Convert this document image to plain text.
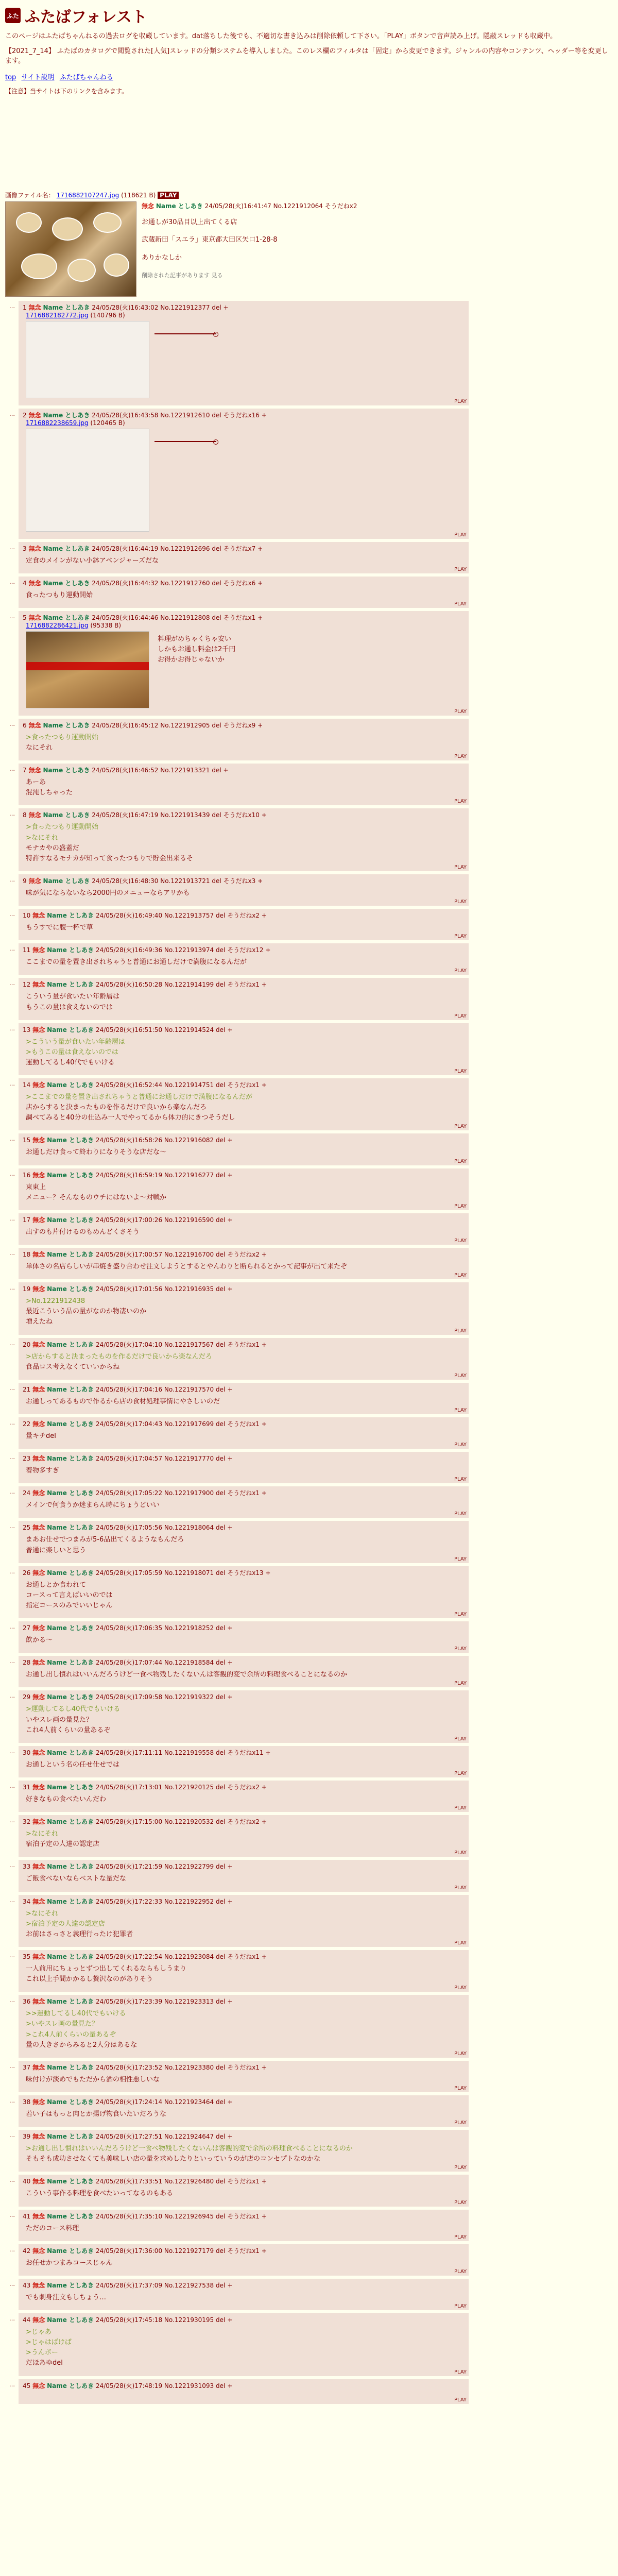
ふた ふたばフォレスト

このページはふたばちゃんねるの過去ログを収蔵しています。dat落ちした後でも、不適切な書き込みは削除依頼して下さい。「PLAY」ボタンで音声読み上げ。隠蔽スレッドも収蔵中。

【2021_7_14】 ふたばのカタログで閲覧された[人気]スレッドの分類システムを導入しました。このレス欄のフィルタは「固定」から変更できます。ジャンルの内容やコンテンツ、ヘッダー等を変更します。

top サイト説明 ふたばちゃんねる
【注意】当サイトは下のリンクを含みます。
画像ファイル名： 1716882107247.jpg (118621 B) PLAY
無念 Name としあき 24/05/28(火)16:41:47 No.1221912064 そうだねx2

お通しが30品目以上出てくる店

武蔵新田「スエラ」東京都大田区矢口1-28-8

ありかなしか

削除された記事があります 見る
… 1 無念 Name としあき 24/05/28(火)16:43:02 No.1221912377 del +
1716882182772.jpg (140796 B)
PLAY
… 2 無念 Name としあき 24/05/28(火)16:43:58 No.1221912610 del そうだねx16 +
1716882238659.jpg (120465 B)
PLAY
… 3 無念 Name としあき 24/05/28(火)16:44:19 No.1221912696 del そうだねx7 +
定食のメインがない小鉢アベンジャーズだな
PLAY
… 4 無念 Name としあき 24/05/28(火)16:44:32 No.1221912760 del そうだねx6 +
食ったつもり運動開始
PLAY
… 5 無念 Name としあき 24/05/28(火)16:44:46 No.1221912808 del そうだねx1 +
1716882286421.jpg (95338 B)
料理がめちゃくちゃ安い
しかもお通し料金は2千円
お得かお得じゃないか
PLAY
… 6 無念 Name としあき 24/05/28(火)16:45:12 No.1221912905 del そうだねx9 +
>食ったつもり運動開始
なにそれ
PLAY
… 7 無念 Name としあき 24/05/28(火)16:46:52 No.1221913321 del +
あーあ
混沌しちゃった
PLAY
… 8 無念 Name としあき 24/05/28(火)16:47:19 No.1221913439 del そうだねx10 +
>食ったつもり運動開始
>なにそれ
モナカやの盛蓋だ
特許すなるモナカが知って食ったつもりで貯金出来るそ
PLAY
… 9 無念 Name としあき 24/05/28(火)16:48:30 No.1221913721 del そうだねx3 +
味が気にならないなら2000円のメニューならアリかも
PLAY
… 10 無念 Name としあき 24/05/28(火)16:49:40 No.1221913757 del そうだねx2 +
もうすでに腹一杯で草
PLAY
… 11 無念 Name としあき 24/05/28(火)16:49:36 No.1221913974 del そうだねx12 +
ここまでの量を置き出されちゃうと普通にお通しだけで満腹になるんだが
PLAY
… 12 無念 Name としあき 24/05/28(火)16:50:28 No.1221914199 del そうだねx1 +
こういう量が食いたい年齢層は
もうこの量は食えないのでは
PLAY
… 13 無念 Name としあき 24/05/28(火)16:51:50 No.1221914524 del +
>こういう量が食いたい年齢層は
>もうこの量は食えないのでは
運動してるし40代でもいける
PLAY
… 14 無念 Name としあき 24/05/28(火)16:52:44 No.1221914751 del そうだねx1 +
>ここまでの量を置き出されちゃうと普通にお通しだけで満腹になるんだが
店からすると決まったものを作るだけで良いから楽なんだろ
調べてみると40分の仕込み一人でやってるから体力的にきつそうだし
PLAY
… 15 無念 Name としあき 24/05/28(火)16:58:26 No.1221916082 del +
お通しだけ食って終わりになりそうな店だな～
PLAY
… 16 無念 Name としあき 24/05/28(火)16:59:19 No.1221916277 del +
東東上
メニュー？そんなものウチにはないよ～対戦か
PLAY
… 17 無念 Name としあき 24/05/28(火)17:00:26 No.1221916590 del +
出すのも片付けるのもめんどくさそう
PLAY
… 18 無念 Name としあき 24/05/28(火)17:00:57 No.1221916700 del そうだねx2 +
単体さの名店らしいが串焼き盛り合わせ注文しようとするとやんわりと断られるとかって記事が出て来たぞ
PLAY
… 19 無念 Name としあき 24/05/28(火)17:01:56 No.1221916935 del +
>No.1221912438
最近こういう品の量がなのか物凄いのか
増えたね
PLAY
… 20 無念 Name としあき 24/05/28(火)17:04:10 No.1221917567 del そうだねx1 +
>店からすると決まったものを作るだけで良いから楽なんだろ
食品ロス考えなくていいからね
PLAY
… 21 無念 Name としあき 24/05/28(火)17:04:16 No.1221917570 del +
お通しってあるもので作るから店の食材処理事情にやさしいのだ
PLAY
… 22 無念 Name としあき 24/05/28(火)17:04:43 No.1221917699 del そうだねx1 +
量キチdel
PLAY
… 23 無念 Name としあき 24/05/28(火)17:04:57 No.1221917770 del +
着物多すぎ
PLAY
… 24 無念 Name としあき 24/05/28(火)17:05:22 No.1221917900 del そうだねx1 +
メインで何食うか迷まらん時にちょうどいい
PLAY
… 25 無念 Name としあき 24/05/28(火)17:05:56 No.1221918064 del +
まあお仕せでつまみが5-6品出てくるようなもんだろ
普通に楽しいと思う
PLAY
… 26 無念 Name としあき 24/05/28(火)17:05:59 No.1221918071 del そうだねx13 +
お通しとか食われて
コースって言えばいいのでは
指定コースのみでいいじゃん
PLAY
… 27 無念 Name としあき 24/05/28(火)17:06:35 No.1221918252 del +
飲かる～
PLAY
… 28 無念 Name としあき 24/05/28(火)17:07:44 No.1221918584 del +
お通し出し慣れはいいんだろうけど一食べ物残したくないんは客観的変で余所の料理食べることになるのか
PLAY
… 29 無念 Name としあき 24/05/28(火)17:09:58 No.1221919322 del +
>運動してるし40代でもいける
いやスレ画の量見た？
これ4人前くらいの量あるぞ
PLAY
… 30 無念 Name としあき 24/05/28(火)17:11:11 No.1221919558 del そうだねx11 +
お通しという名の任せ仕せでは
PLAY
… 31 無念 Name としあき 24/05/28(火)17:13:01 No.1221920125 del そうだねx2 +
好きなもの食べたいんだわ
PLAY
… 32 無念 Name としあき 24/05/28(火)17:15:00 No.1221920532 del そうだねx2 +
>なにそれ
宿泊予定の人達の認定店
PLAY
… 33 無念 Name としあき 24/05/28(火)17:21:59 No.1221922799 del +
ご飯食べないならベストな量だな
PLAY
… 34 無念 Name としあき 24/05/28(火)17:22:33 No.1221922952 del +
>なにそれ
>宿泊予定の人達の認定店
お前はさっさと義理行ったけ犯罪者
PLAY
… 35 無念 Name としあき 24/05/28(火)17:22:54 No.1221923084 del そうだねx1 +
一人前用にちょっとずつ出してくれるならもしうまり
これ以上手間かかるし贅沢なのがありそう
PLAY
… 36 無念 Name としあき 24/05/28(火)17:23:39 No.1221923313 del +
>>運動してるし40代でもいける
>いやスレ画の量見た？
>これ4人前くらいの量あるぞ
量の大きさからみると2人分はあるな
PLAY
… 37 無念 Name としあき 24/05/28(火)17:23:52 No.1221923380 del そうだねx1 +
味付けが淡めでもただから酒の相性悪しいな
PLAY
… 38 無念 Name としあき 24/05/28(火)17:24:14 No.1221923464 del +
若い子はもっと肉とか揚げ物食いたいだろうな
PLAY
… 39 無念 Name としあき 24/05/28(火)17:27:51 No.1221924647 del +
>お通し出し慣れはいいんだろうけど一食べ物残したくないんは客観的変で余所の料理食べることになるのか
そもそも成功させなくても美味しい店の量を求めしたりといっていうのが店のコンセプトなのかな
PLAY
… 40 無念 Name としあき 24/05/28(火)17:33:51 No.1221926480 del そうだねx1 +
こういう事作る料理を食べたいってなるのもある
PLAY
… 41 無念 Name としあき 24/05/28(火)17:35:10 No.1221926945 del そうだねx1 +
ただのコース料理
PLAY
… 42 無念 Name としあき 24/05/28(火)17:36:00 No.1221927179 del そうだねx1 +
お任せかつまみコースじゃん
PLAY
… 43 無念 Name としあき 24/05/28(火)17:37:09 No.1221927538 del +
でも刺身注文もしちょう…
PLAY
… 44 無念 Name としあき 24/05/28(火)17:45:18 No.1221930195 del +
>じゃあ
>じゃはばけば
>うんボー
だほあゆdel
PLAY
… 45 無念 Name としあき 24/05/28(火)17:48:19 No.1221931093 del +
PLAY
